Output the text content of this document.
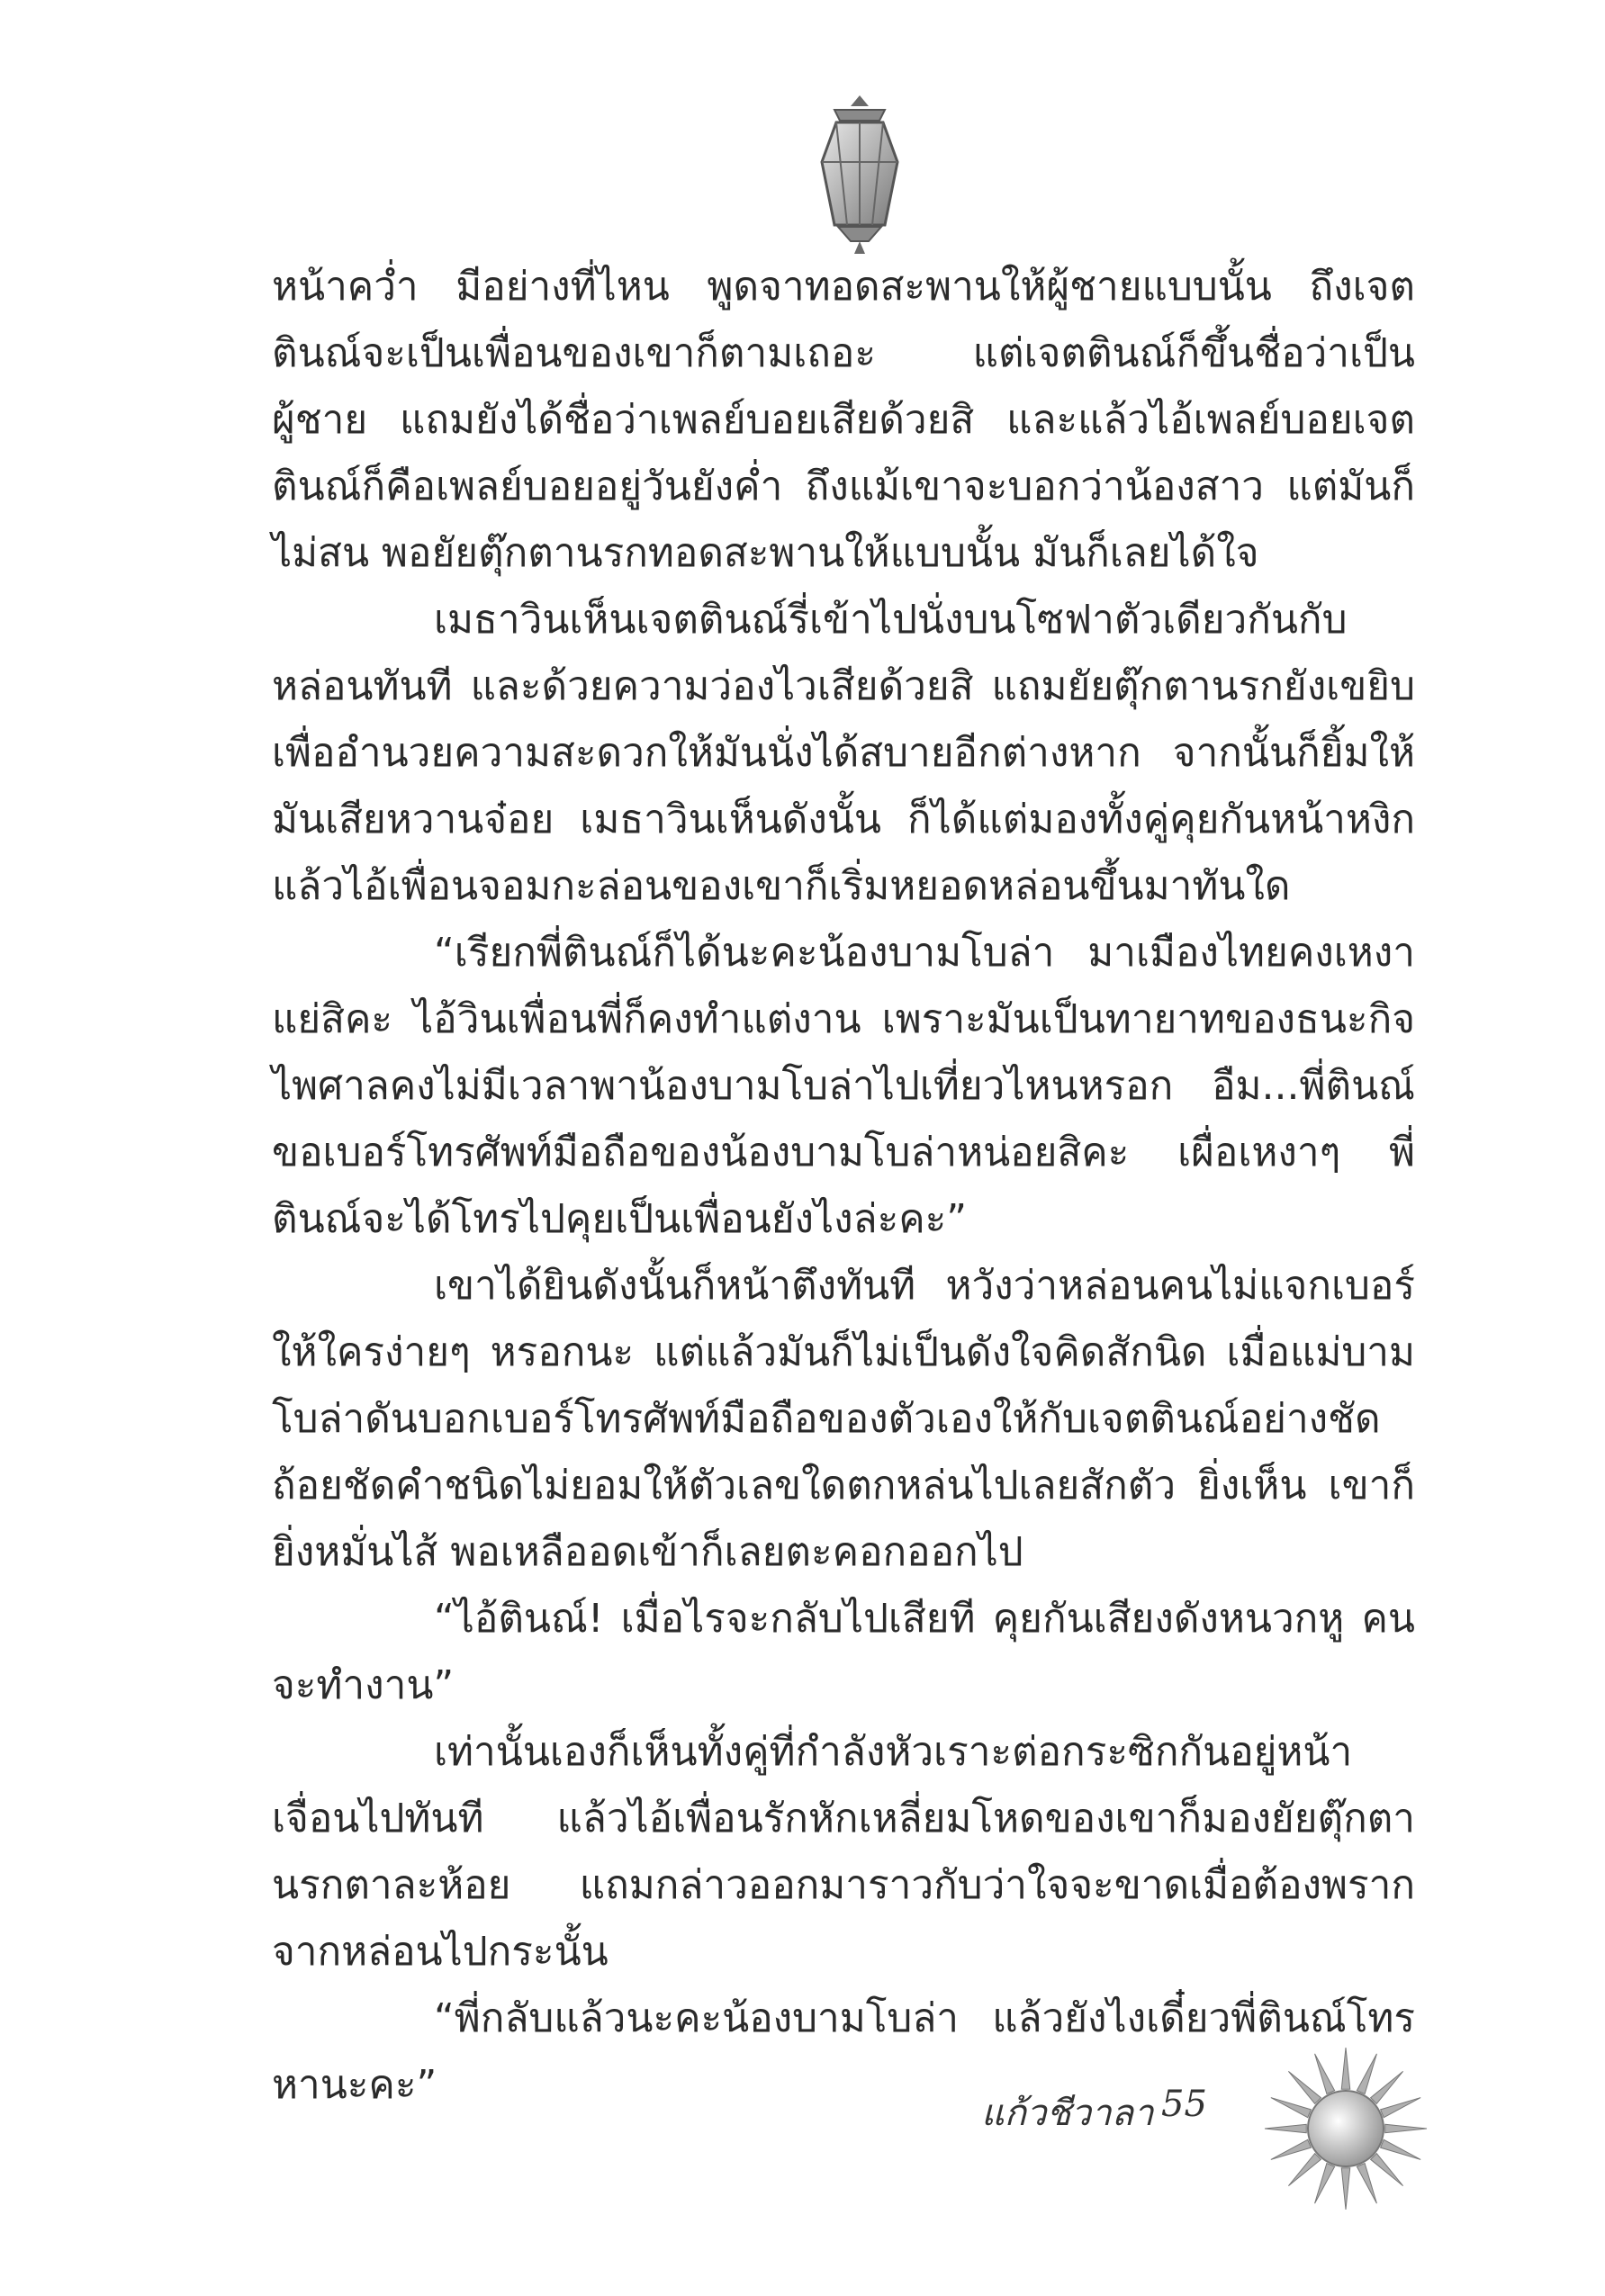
หน้าคว่ำ มีอย่างที่ไหน พูดจาทอดสะพานให้ผู้ชายแบบนั้น ถึงเจตตินณ์จะเป็นเพื่อนของเขาก็ตามเถอะ แต่เจตตินณ์ก็ขึ้นชื่อว่าเป็นผู้ชาย แถมยังได้ชื่อว่าเพลย์บอยเสียด้วยสิ และแล้วไอ้เพลย์บอยเจตตินณ์ก็คือเพลย์บอยอยู่วันยังค่ำ ถึงแม้เขาจะบอกว่าน้องสาว แต่มันก็ไม่สน พอยัยตุ๊กตานรกทอดสะพานให้แบบนั้น มันก็เลยได้ใจ

เมธาวินเห็นเจตตินณ์รี่เข้าไปนั่งบนโซฟาตัวเดียวกันกับหล่อนทันที และด้วยความว่องไวเสียด้วยสิ แถมยัยตุ๊กตานรกยังเขยิบเพื่ออำนวยความสะดวกให้มันนั่งได้สบายอีกต่างหาก จากนั้นก็ยิ้มให้มันเสียหวานจ๋อย เมธาวินเห็นดังนั้น ก็ได้แต่มองทั้งคู่คุยกันหน้าหงิก แล้วไอ้เพื่อนจอมกะล่อนของเขาก็เริ่มหยอดหล่อนขึ้นมาทันใด

“เรียกพี่ตินณ์ก็ได้นะคะน้องบามโบล่า มาเมืองไทยคงเหงาแย่สิคะ ไอ้วินเพื่อนพี่ก็คงทำแต่งาน เพราะมันเป็นทายาทของธนะกิจไพศาลคงไม่มีเวลาพาน้องบามโบล่าไปเที่ยวไหนหรอก อืม...พี่ตินณ์ขอเบอร์โทรศัพท์มือถือของน้องบามโบล่าหน่อยสิคะ เผื่อเหงาๆ พี่ตินณ์จะได้โทรไปคุยเป็นเพื่อนยังไงล่ะคะ”

เขาได้ยินดังนั้นก็หน้าตึงทันที หวังว่าหล่อนคนไม่แจกเบอร์ให้ใครง่ายๆ หรอกนะ แต่แล้วมันก็ไม่เป็นดังใจคิดสักนิด เมื่อแม่บามโบล่าดันบอกเบอร์โทรศัพท์มือถือของตัวเองให้กับเจตตินณ์อย่างชัดถ้อยชัดคำชนิดไม่ยอมให้ตัวเลขใดตกหล่นไปเลยสักตัว ยิ่งเห็น เขาก็ยิ่งหมั่นไส้ พอเหลืออดเข้าก็เลยตะคอกออกไป

“ไอ้ตินณ์! เมื่อไรจะกลับไปเสียที คุยกันเสียงดังหนวกหู คนจะทำงาน”

เท่านั้นเองก็เห็นทั้งคู่ที่กำลังหัวเราะต่อกระซิกกันอยู่หน้าเจื่อนไปทันที แล้วไอ้เพื่อนรักหักเหลี่ยมโหดของเขาก็มองยัยตุ๊กตานรกตาละห้อย แถมกล่าวออกมาราวกับว่าใจจะขาดเมื่อต้องพรากจากหล่อนไปกระนั้น

“พี่กลับแล้วนะคะน้องบามโบล่า แล้วยังไงเดี๋ยวพี่ตินณ์โทรหานะคะ”

แก้วชีวาลา 55
